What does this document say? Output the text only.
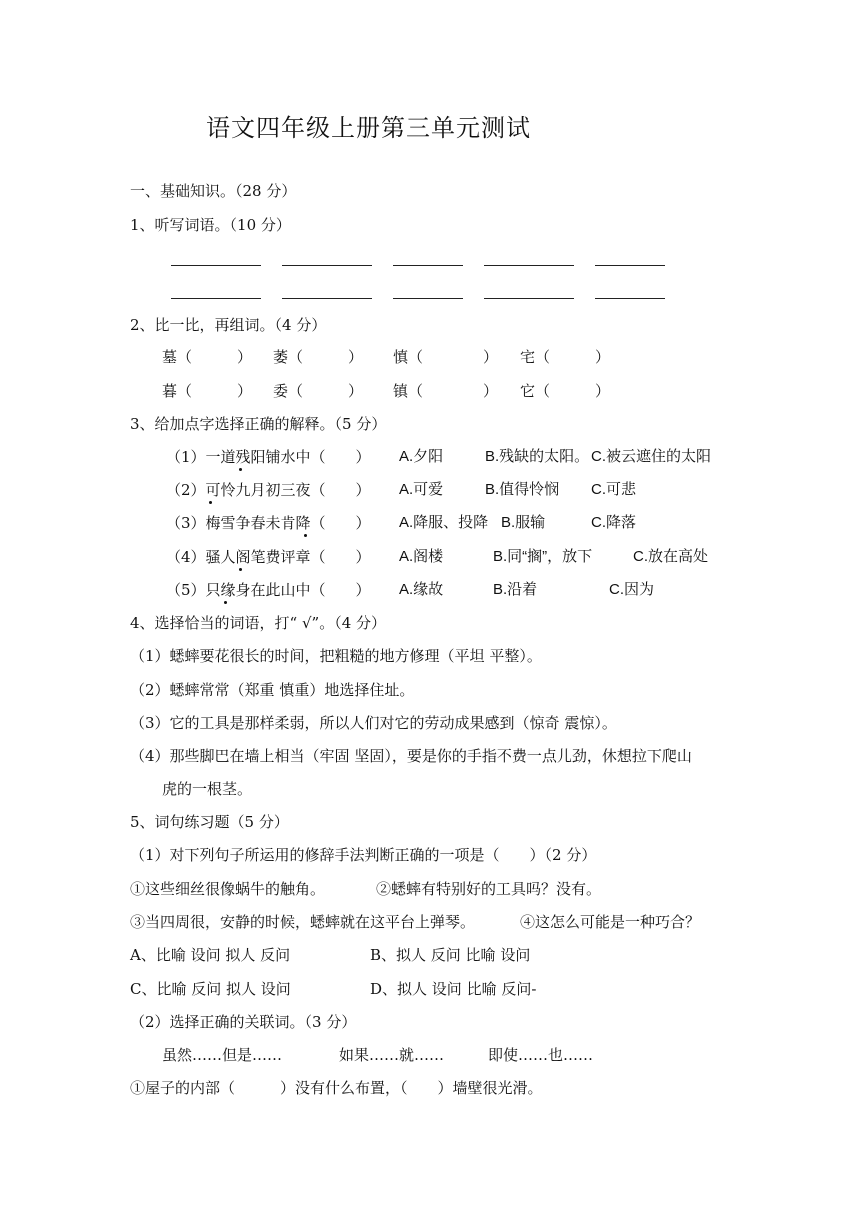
语文四年级上册第三单元测试
一、基础知识。（28 分）
1、听写词语。（10 分）
2、比一比，再组词。（4 分）
墓（　　　） 萎（　　　） 慎（　　　　） 宅（　　　）
暮（　　　） 委（　　　） 镇（　　　　） 它（　　　）
3、给加点字选择正确的解释。（5 分）
（1）一道残阳铺水中（　　） A.夕阳	B.残缺的太阳。 C.被云遮住的太阳
（2）可怜九月初三夜（　　） A.可爱	B.值得怜悯 C.可悲
（3）梅雪争春未肯降（　　） A.降服、投降 B.服输	C.降落
（4）骚人阁笔费评章（　　） A.阁楼	B.同“搁”，放下	C.放在高处
（5）只缘身在此山中（　　） A.缘故	B.沿着	C.因为
4、选择恰当的词语，打“ √”。（4 分）
（1）蟋蟀要花很长的时间，把粗糙的地方修理（平坦 平整）。
（2）蟋蟀常常（郑重 慎重）地选择住址。
（3）它的工具是那样柔弱，所以人们对它的劳动成果感到（惊奇 震惊）。
（4）那些脚巴在墙上相当（牢固 坚固），要是你的手指不费一点儿劲，休想拉下爬山
虎的一根茎。
5、词句练习题（5 分）
（1）对下列句子所运用的修辞手法判断正确的一项是（　　）（2 分）
①这些细丝很像蜗牛的触角。	②蟋蟀有特别好的工具吗？没有。
③当四周很，安静的时候，蟋蟀就在这平台上弹琴。	④这怎么可能是一种巧合？
A、比喻 设问 拟人 反问	B、拟人 反问 比喻 设问
C、比喻 反问 拟人 设问	D、拟人 设问 比喻 反问-
（2）选择正确的关联词。（3 分）
虽然……但是……	如果……就……	即使……也……
①屋子的内部（　　　）没有什么布置，（　　）墙壁很光滑。
